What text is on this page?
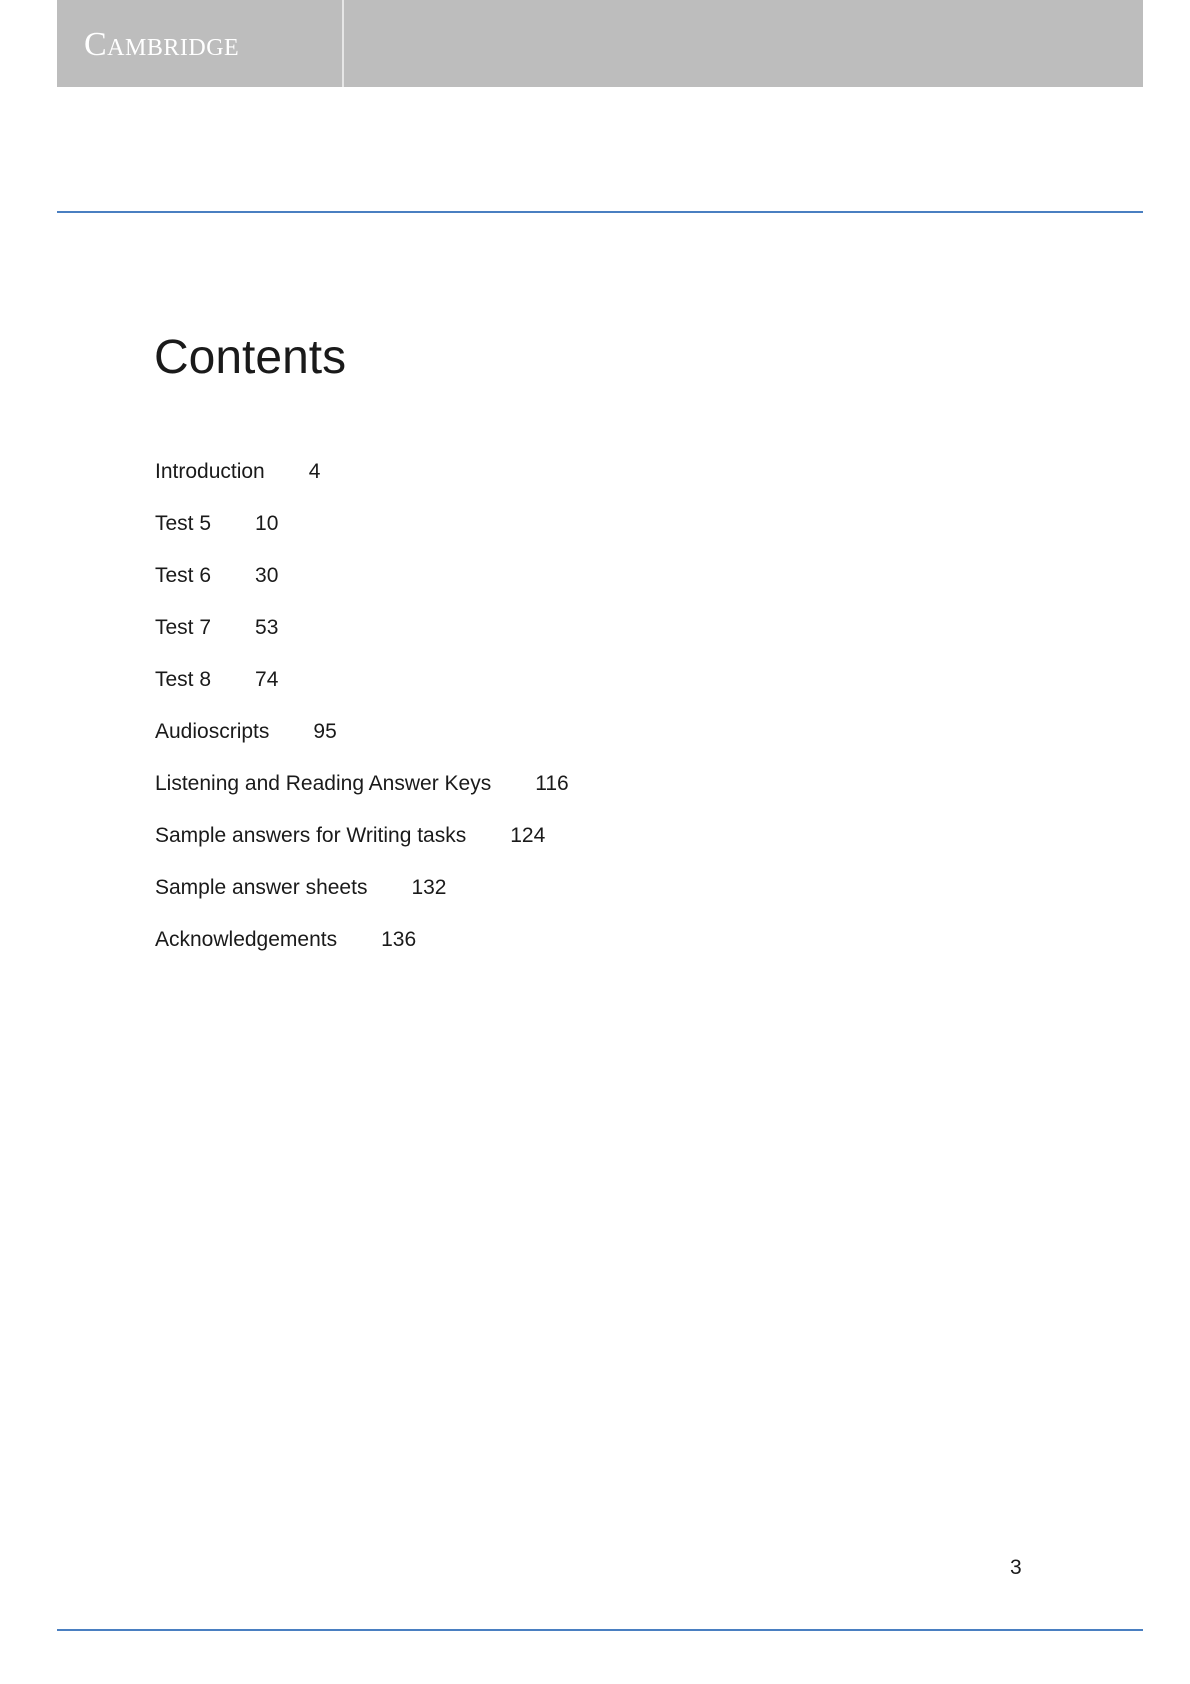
Cambridge
Contents
Introduction 4
Test 5 10
Test 6 30
Test 7 53
Test 8 74
Audioscripts 95
Listening and Reading Answer Keys 116
Sample answers for Writing tasks 124
Sample answer sheets 132
Acknowledgements 136
3
